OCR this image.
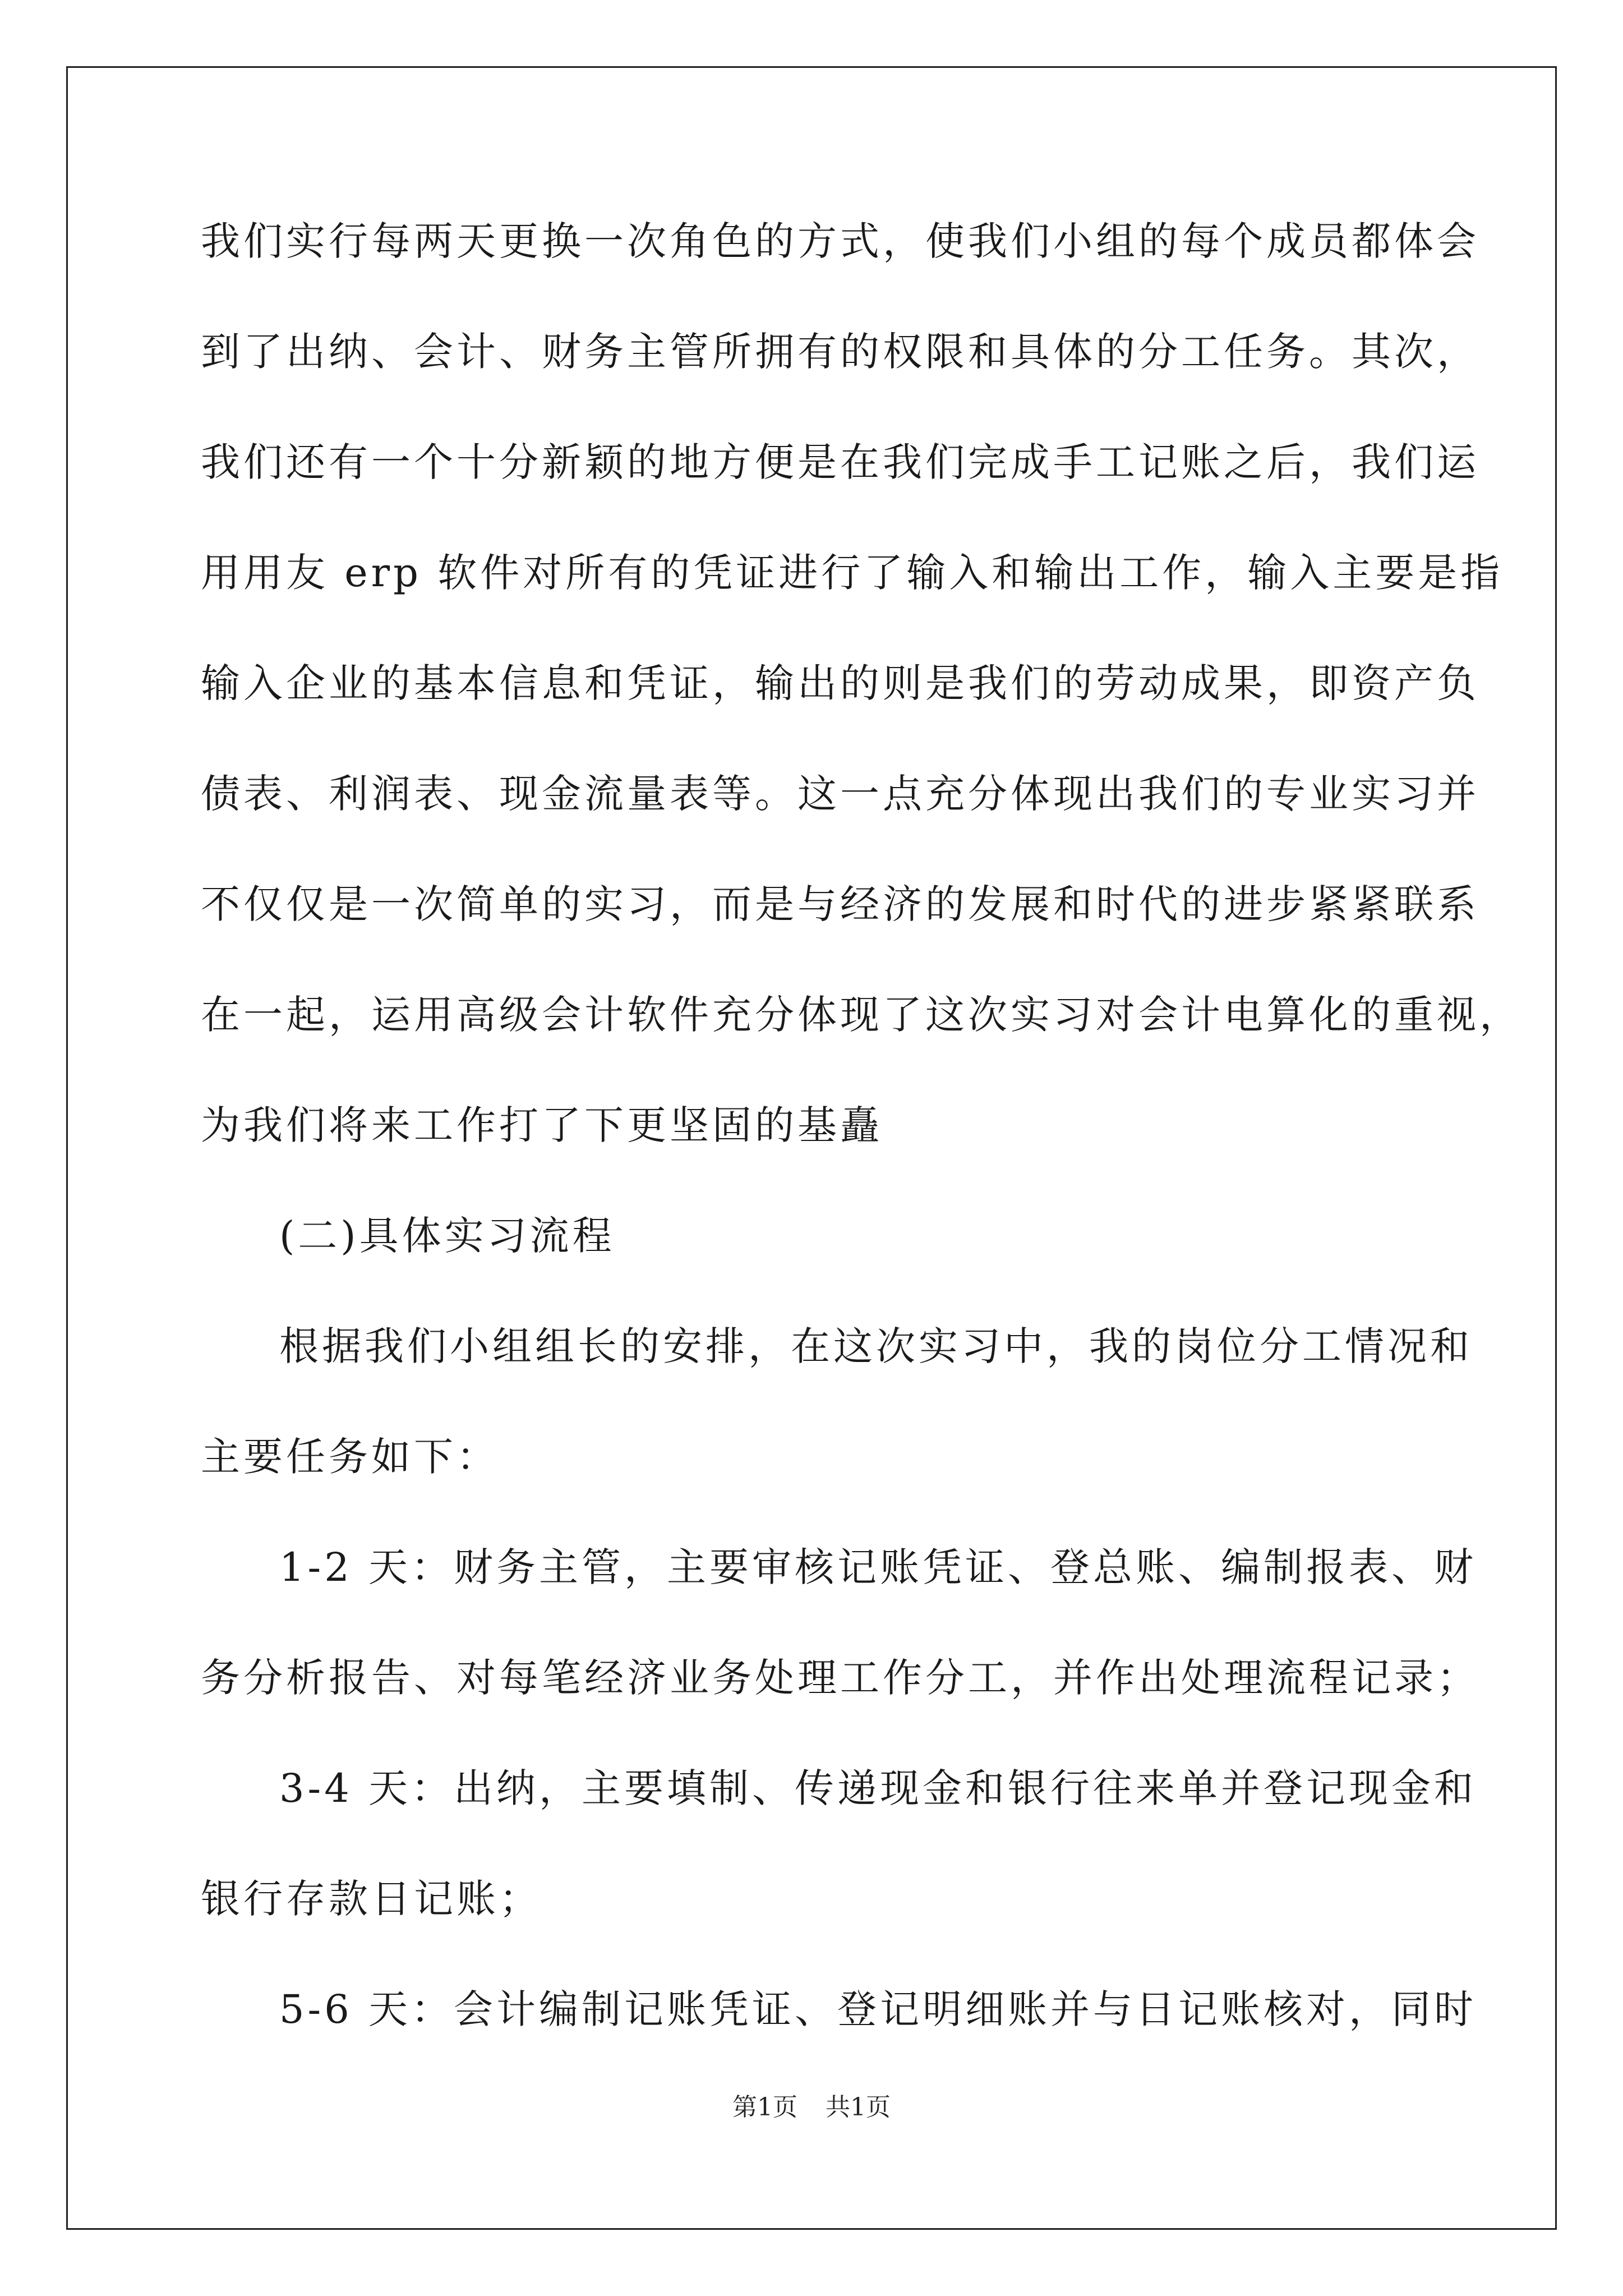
我们实行每两天更换一次角色的方式，使我们小组的每个成员都体会
到了出纳、会计、财务主管所拥有的权限和具体的分工任务。其次，
我们还有一个十分新颖的地方便是在我们完成手工记账之后，我们运
用用友 erp 软件对所有的凭证进行了输入和输出工作，输入主要是指
输入企业的基本信息和凭证，输出的则是我们的劳动成果，即资产负
债表、利润表、现金流量表等。这一点充分体现出我们的专业实习并
不仅仅是一次简单的实习，而是与经济的发展和时代的进步紧紧联系
在一起，运用高级会计软件充分体现了这次实习对会计电算化的重视，
为我们将来工作打了下更坚固的基矗
(二)具体实习流程
根据我们小组组长的安排，在这次实习中，我的岗位分工情况和
主要任务如下：
1-2 天：财务主管，主要审核记账凭证、登总账、编制报表、财
务分析报告、对每笔经济业务处理工作分工，并作出处理流程记录；
3-4 天：出纳，主要填制、传递现金和银行往来单并登记现金和
银行存款日记账；
5-6 天：会计编制记账凭证、登记明细账并与日记账核对，同时
第1页 共1页
